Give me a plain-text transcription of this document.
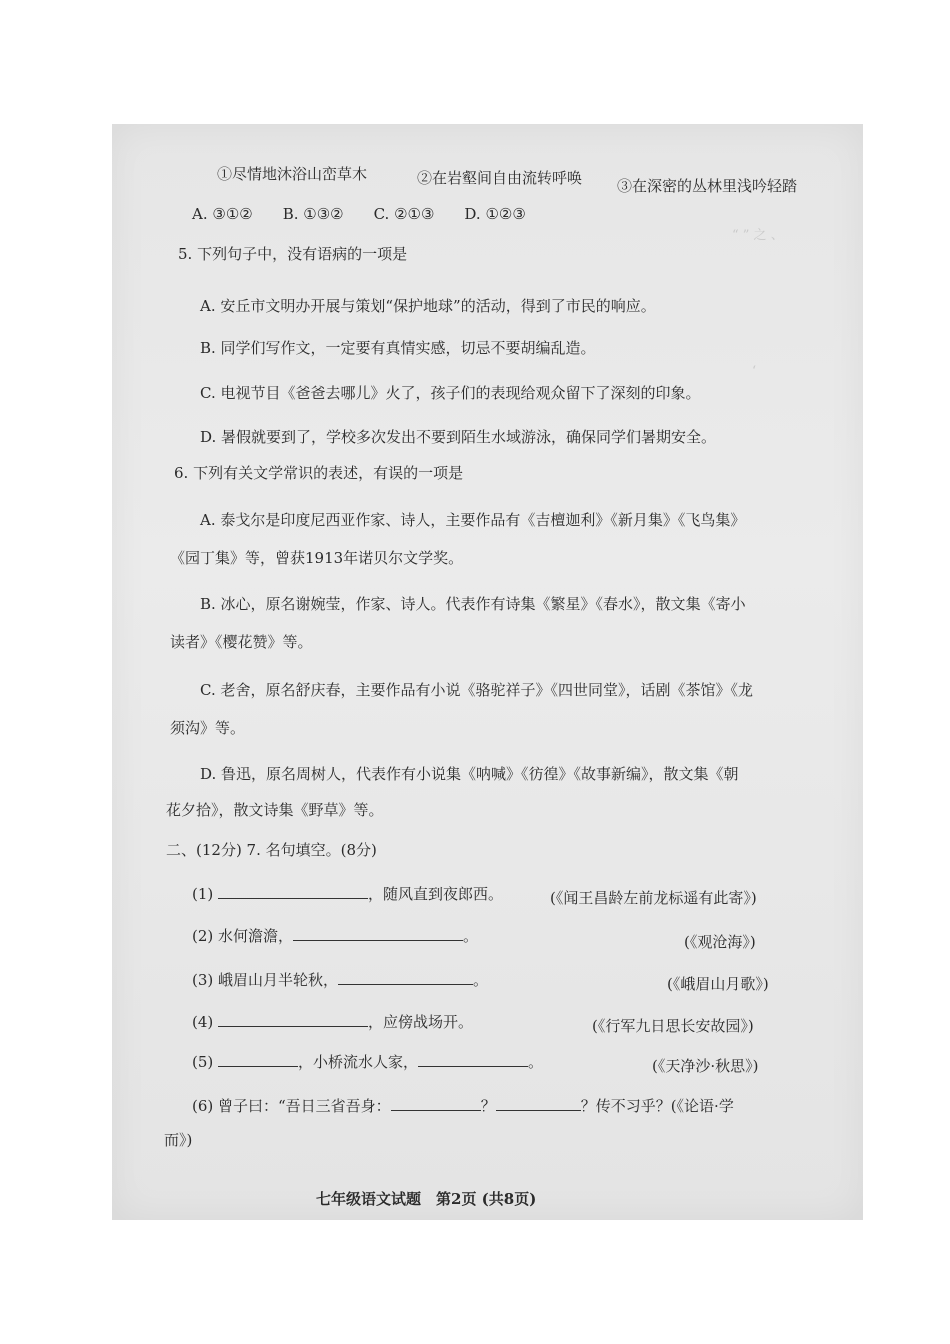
“ ” 之 、
‘
①尽情地沐浴山峦草木	②在岩壑间自由流转呼唤 ③在深密的丛林里浅吟轻踏
A. ③①②　　B. ①③②　　C. ②①③　　D. ①②③
5. 下列句子中，没有语病的一项是
A. 安丘市文明办开展与策划“保护地球”的活动，得到了市民的响应。
B. 同学们写作文，一定要有真情实感，切忌不要胡编乱造。
C. 电视节目《爸爸去哪儿》火了，孩子们的表现给观众留下了深刻的印象。
D. 暑假就要到了，学校多次发出不要到陌生水域游泳，确保同学们暑期安全。
6. 下列有关文学常识的表述，有误的一项是
A. 泰戈尔是印度尼西亚作家、诗人，主要作品有《吉檀迦利》《新月集》《飞鸟集》
《园丁集》等，曾获1913年诺贝尔文学奖。
B. 冰心，原名谢婉莹，作家、诗人。代表作有诗集《繁星》《春水》，散文集《寄小
读者》《樱花赞》等。
C. 老舍，原名舒庆春，主要作品有小说《骆驼祥子》《四世同堂》，话剧《茶馆》《龙
须沟》等。
D. 鲁迅，原名周树人，代表作有小说集《呐喊》《彷徨》《故事新编》，散文集《朝
花夕拾》，散文诗集《野草》等。
二、(12分) 7. 名句填空。(8分)
(1)	，随风直到夜郎西。	(《闻王昌龄左前龙标遥有此寄》)
(2) 水何澹澹，	。	(《观沧海》)
(3) 峨眉山月半轮秋，	。	(《峨眉山月歌》)
(4)	，应傍战场开。	(《行军九日思长安故园》)
(5)	，小桥流水人家，	。	(《天净沙·秋思》)
(6) 曾子曰：“吾日三省吾身：	？	？传不习乎？(《论语·学
而》)
七年级语文试题　第2页 (共8页)
